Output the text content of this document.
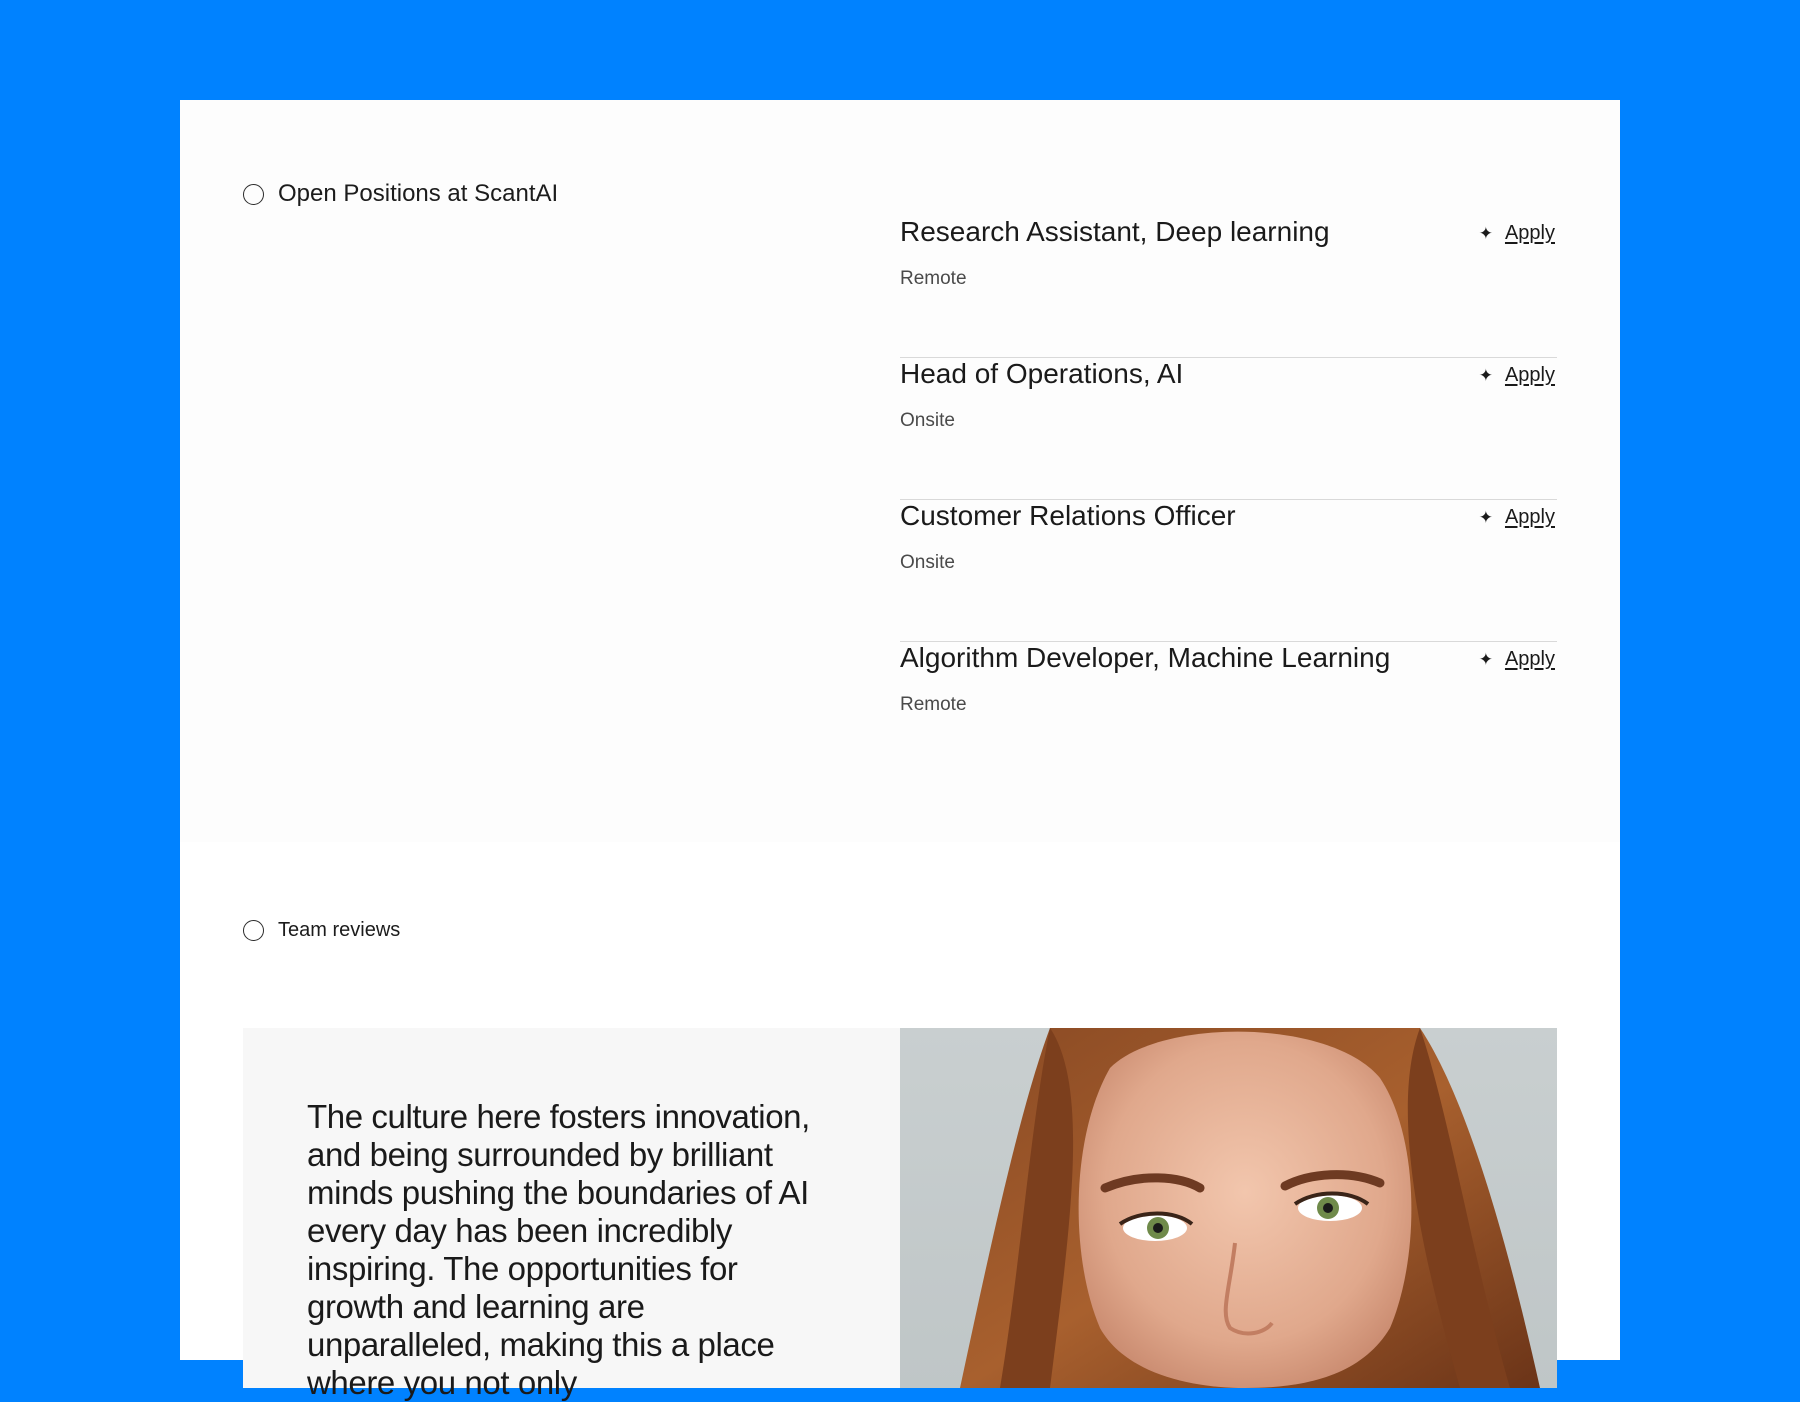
Open Positions at ScantAI
Research Assistant, Deep learning
Remote
✦ Apply
Head of Operations, AI
Onsite
✦ Apply
Customer Relations Officer
Onsite
✦ Apply
Algorithm Developer, Machine Learning
Remote
✦ Apply
Team reviews

The culture here fosters innovation, and being surrounded by brilliant minds pushing the boundaries of AI every day has been incredibly inspiring. The opportunities for growth and learning are unparalleled, making this a place where you not only
